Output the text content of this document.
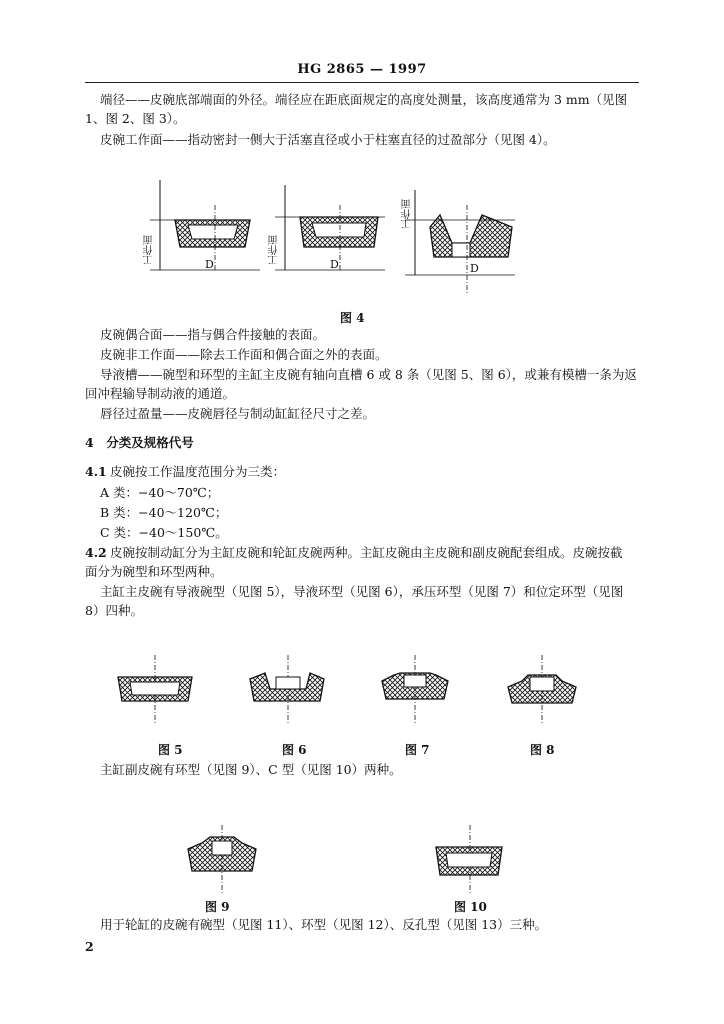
HG 2865 — 1997
端径——皮碗底部端面的外径。端径应在距底面规定的高度处测量，该高度通常为 3 mm（见图
1、图 2、图 3）。
皮碗工作面——指动密封一侧大于活塞直径或小于柱塞直径的过盈部分（见图 4）。
工作面	工作面
工作面
D	D	D
图 4
皮碗偶合面——指与偶合件接触的表面。
皮碗非工作面——除去工作面和偶合面之外的表面。
导液槽——碗型和环型的主缸主皮碗有轴向直槽 6 或 8 条（见图 5、图 6），或兼有模槽一条为返
回冲程输导制动液的通道。
唇径过盈量——皮碗唇径与制动缸缸径尺寸之差。
4　分类及规格代号
4.1 皮碗按工作温度范围分为三类：
A 类：−40～70℃；
B 类：−40～120℃；
C 类：−40～150℃。
4.2 皮碗按制动缸分为主缸皮碗和轮缸皮碗两种。主缸皮碗由主皮碗和副皮碗配套组成。皮碗按截
面分为碗型和环型两种。
主缸主皮碗有导液碗型（见图 5），导液环型（见图 6），承压环型（见图 7）和位定环型（见图
8）四种。
图 5	图 6	图 7	图 8
主缸副皮碗有环型（见图 9）、C 型（见图 10）两种。
图 9	图 10
用于轮缸的皮碗有碗型（见图 11）、环型（见图 12）、反孔型（见图 13）三种。
2
